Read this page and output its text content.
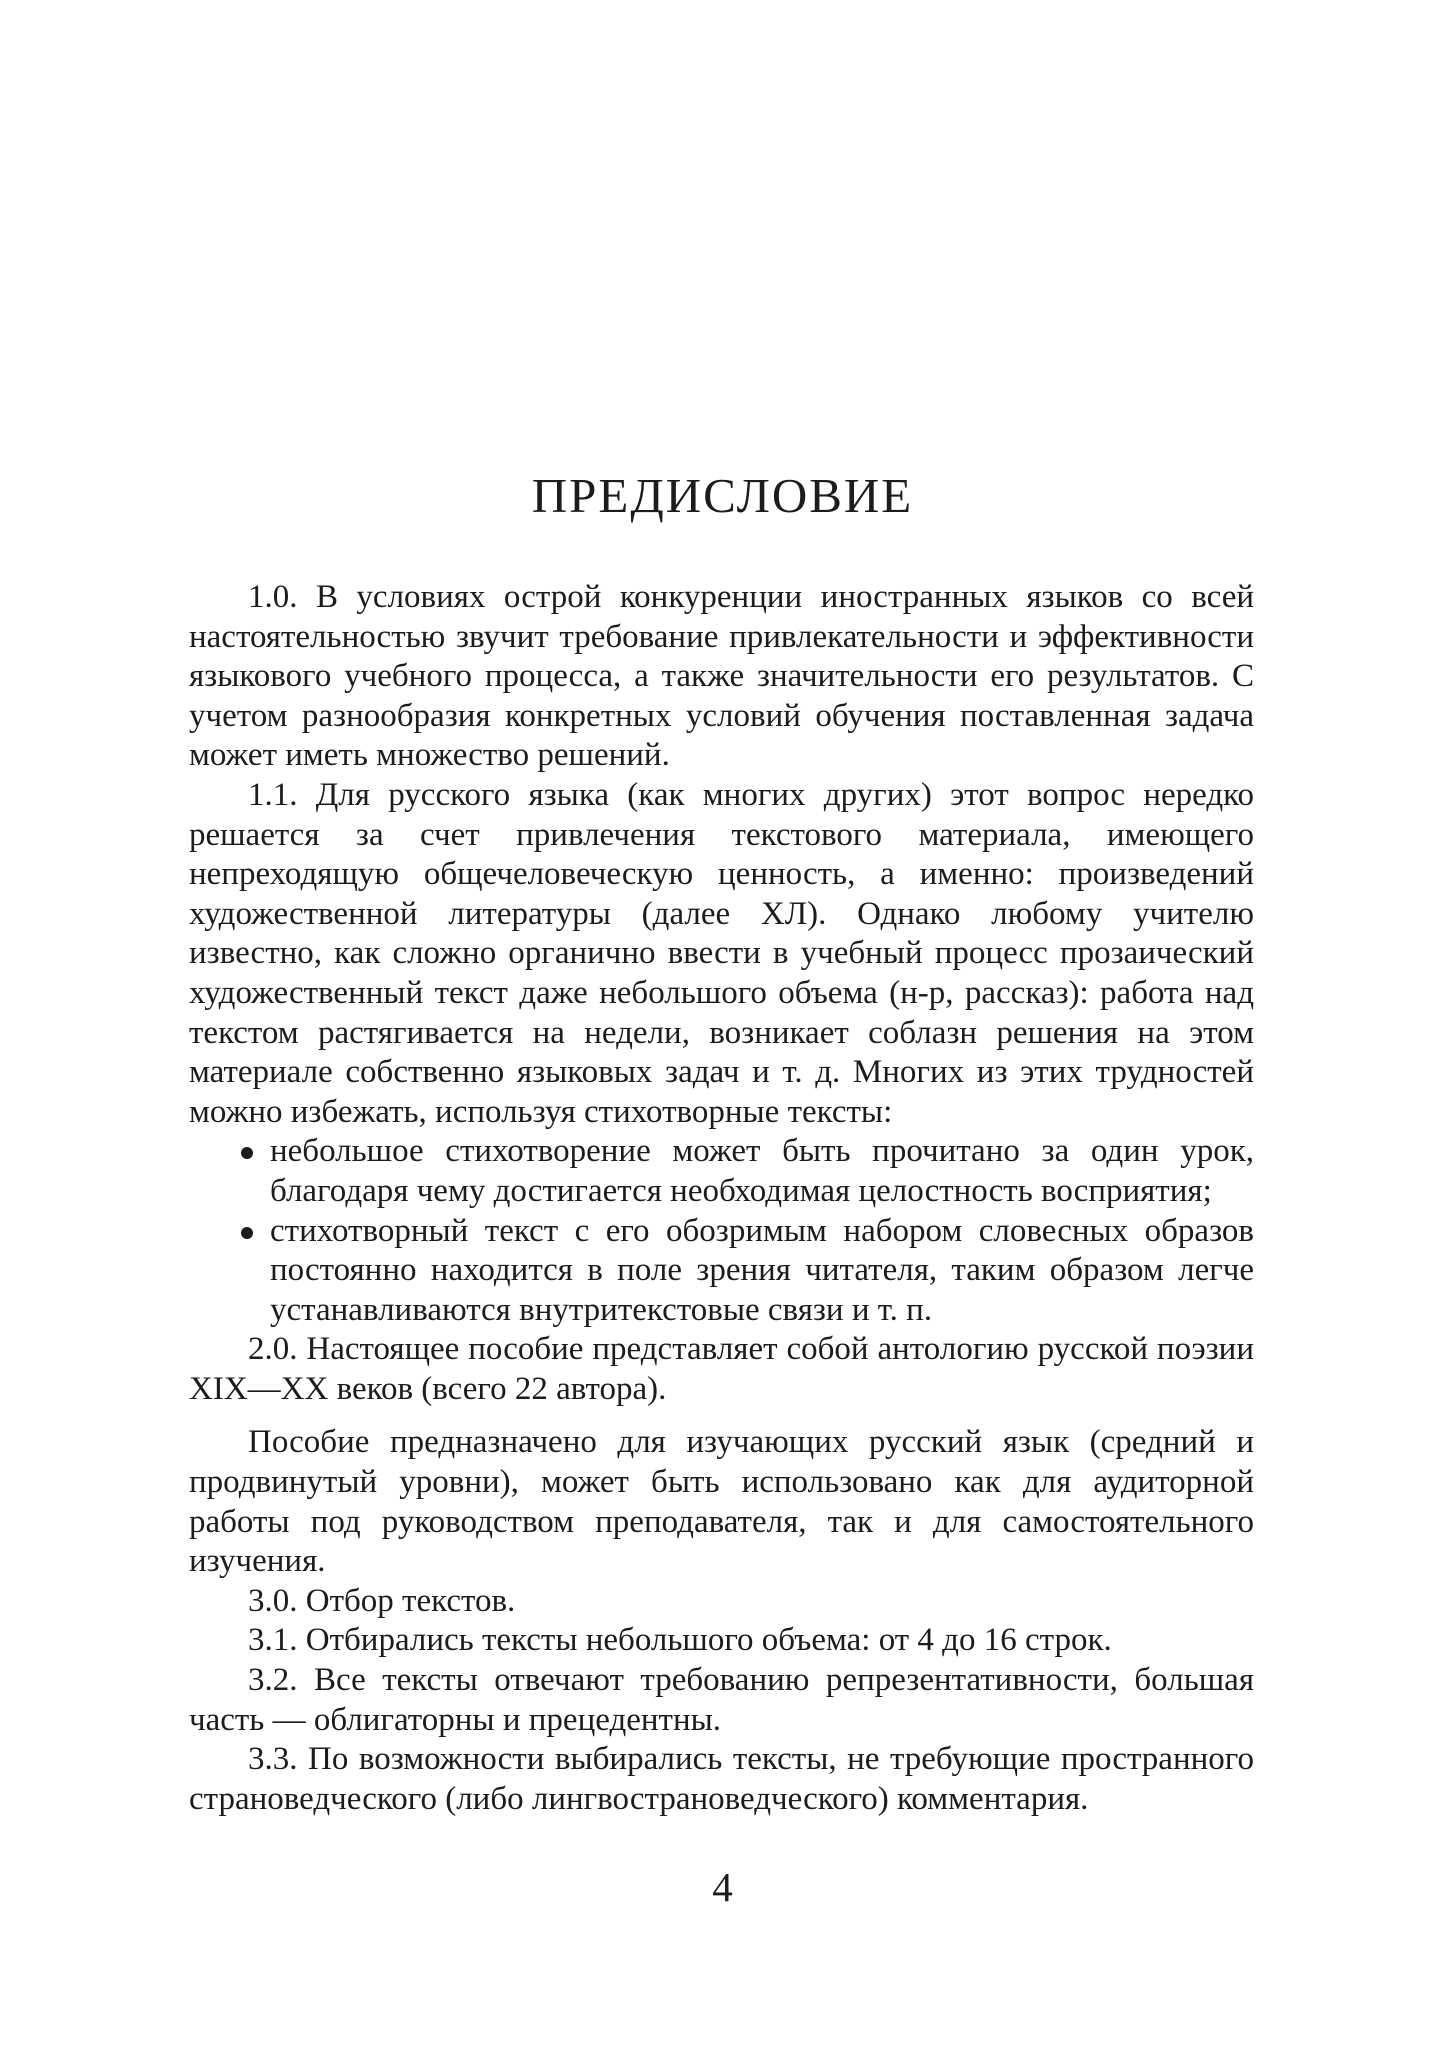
ПРЕДИСЛОВИЕ

1.0. В условиях острой конкуренции иностранных языков со всей настоятельностью звучит требование привлекательности и эффективности языкового учебного процесса, а также значительности его результатов. С учетом разнообразия конкретных условий обучения поставленная задача может иметь множество решений.

1.1. Для русского языка (как многих других) этот вопрос нередко решается за счет привлечения текстового материала, имеющего непреходящую общечеловеческую ценность, а именно: произведений художественной литературы (далее ХЛ). Однако любому учителю известно, как сложно органично ввести в учебный процесс прозаический художественный текст даже небольшого объема (н-р, рассказ): работа над текстом растягивается на недели, возникает соблазн решения на этом материале собственно языковых задач и т. д. Многих из этих трудностей можно избежать, используя стихотворные тексты:

небольшое стихотворение может быть прочитано за один урок, благодаря чему достигается необходимая целостность восприятия;
стихотворный текст с его обозримым набором словесных образов постоянно находится в поле зрения читателя, таким образом легче устанавливаются внутритекстовые связи и т. п.

2.0. Настоящее пособие представляет собой антологию русской поэзии XIX—XX веков (всего 22 автора).

Пособие предназначено для изучающих русский язык (средний и продвинутый уровни), может быть использовано как для аудиторной работы под руководством преподавателя, так и для самостоятельного изучения.

3.0. Отбор текстов.

3.1. Отбирались тексты небольшого объема: от 4 до 16 строк.

3.2. Все тексты отвечают требованию репрезентативности, большая часть — облигаторны и прецедентны.

3.3. По возможности выбирались тексты, не требующие пространного страноведческого (либо лингвострановедческого) комментария.

4
